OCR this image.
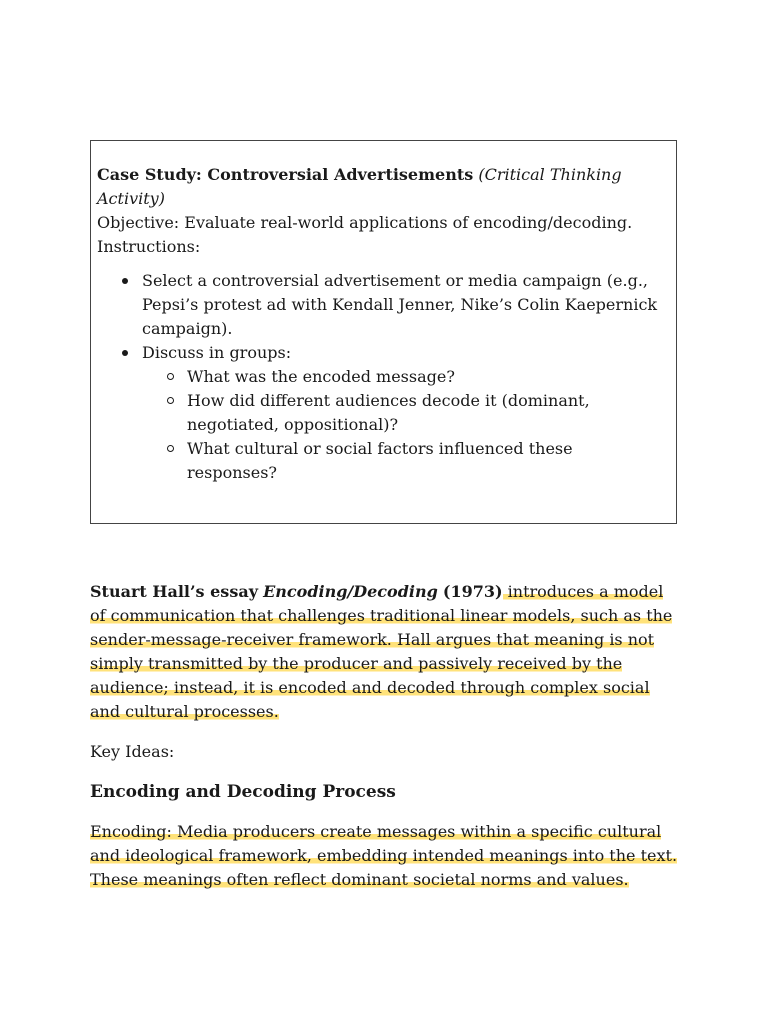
Case Study: Controversial Advertisements (Critical Thinking Activity)

Objective: Evaluate real-world applications of encoding/decoding.

Instructions:

Select a controversial advertisement or media campaign (e.g., Pepsi’s protest ad with Kendall Jenner, Nike’s Colin Kaepernick campaign).
Discuss in groups:
What was the encoded message?
How did different audiences decode it (dominant, negotiated, oppositional)?
What cultural or social factors influenced these responses?

Stuart Hall’s essay Encoding/Decoding (1973) introduces a model of communication that challenges traditional linear models, such as the sender-message-receiver framework. Hall argues that meaning is not simply transmitted by the producer and passively received by the audience; instead, it is encoded and decoded through complex social and cultural processes.

Key Ideas:

Encoding and Decoding Process

Encoding: Media producers create messages within a specific cultural and ideological framework, embedding intended meanings into the text. These meanings often reflect dominant societal norms and values.
